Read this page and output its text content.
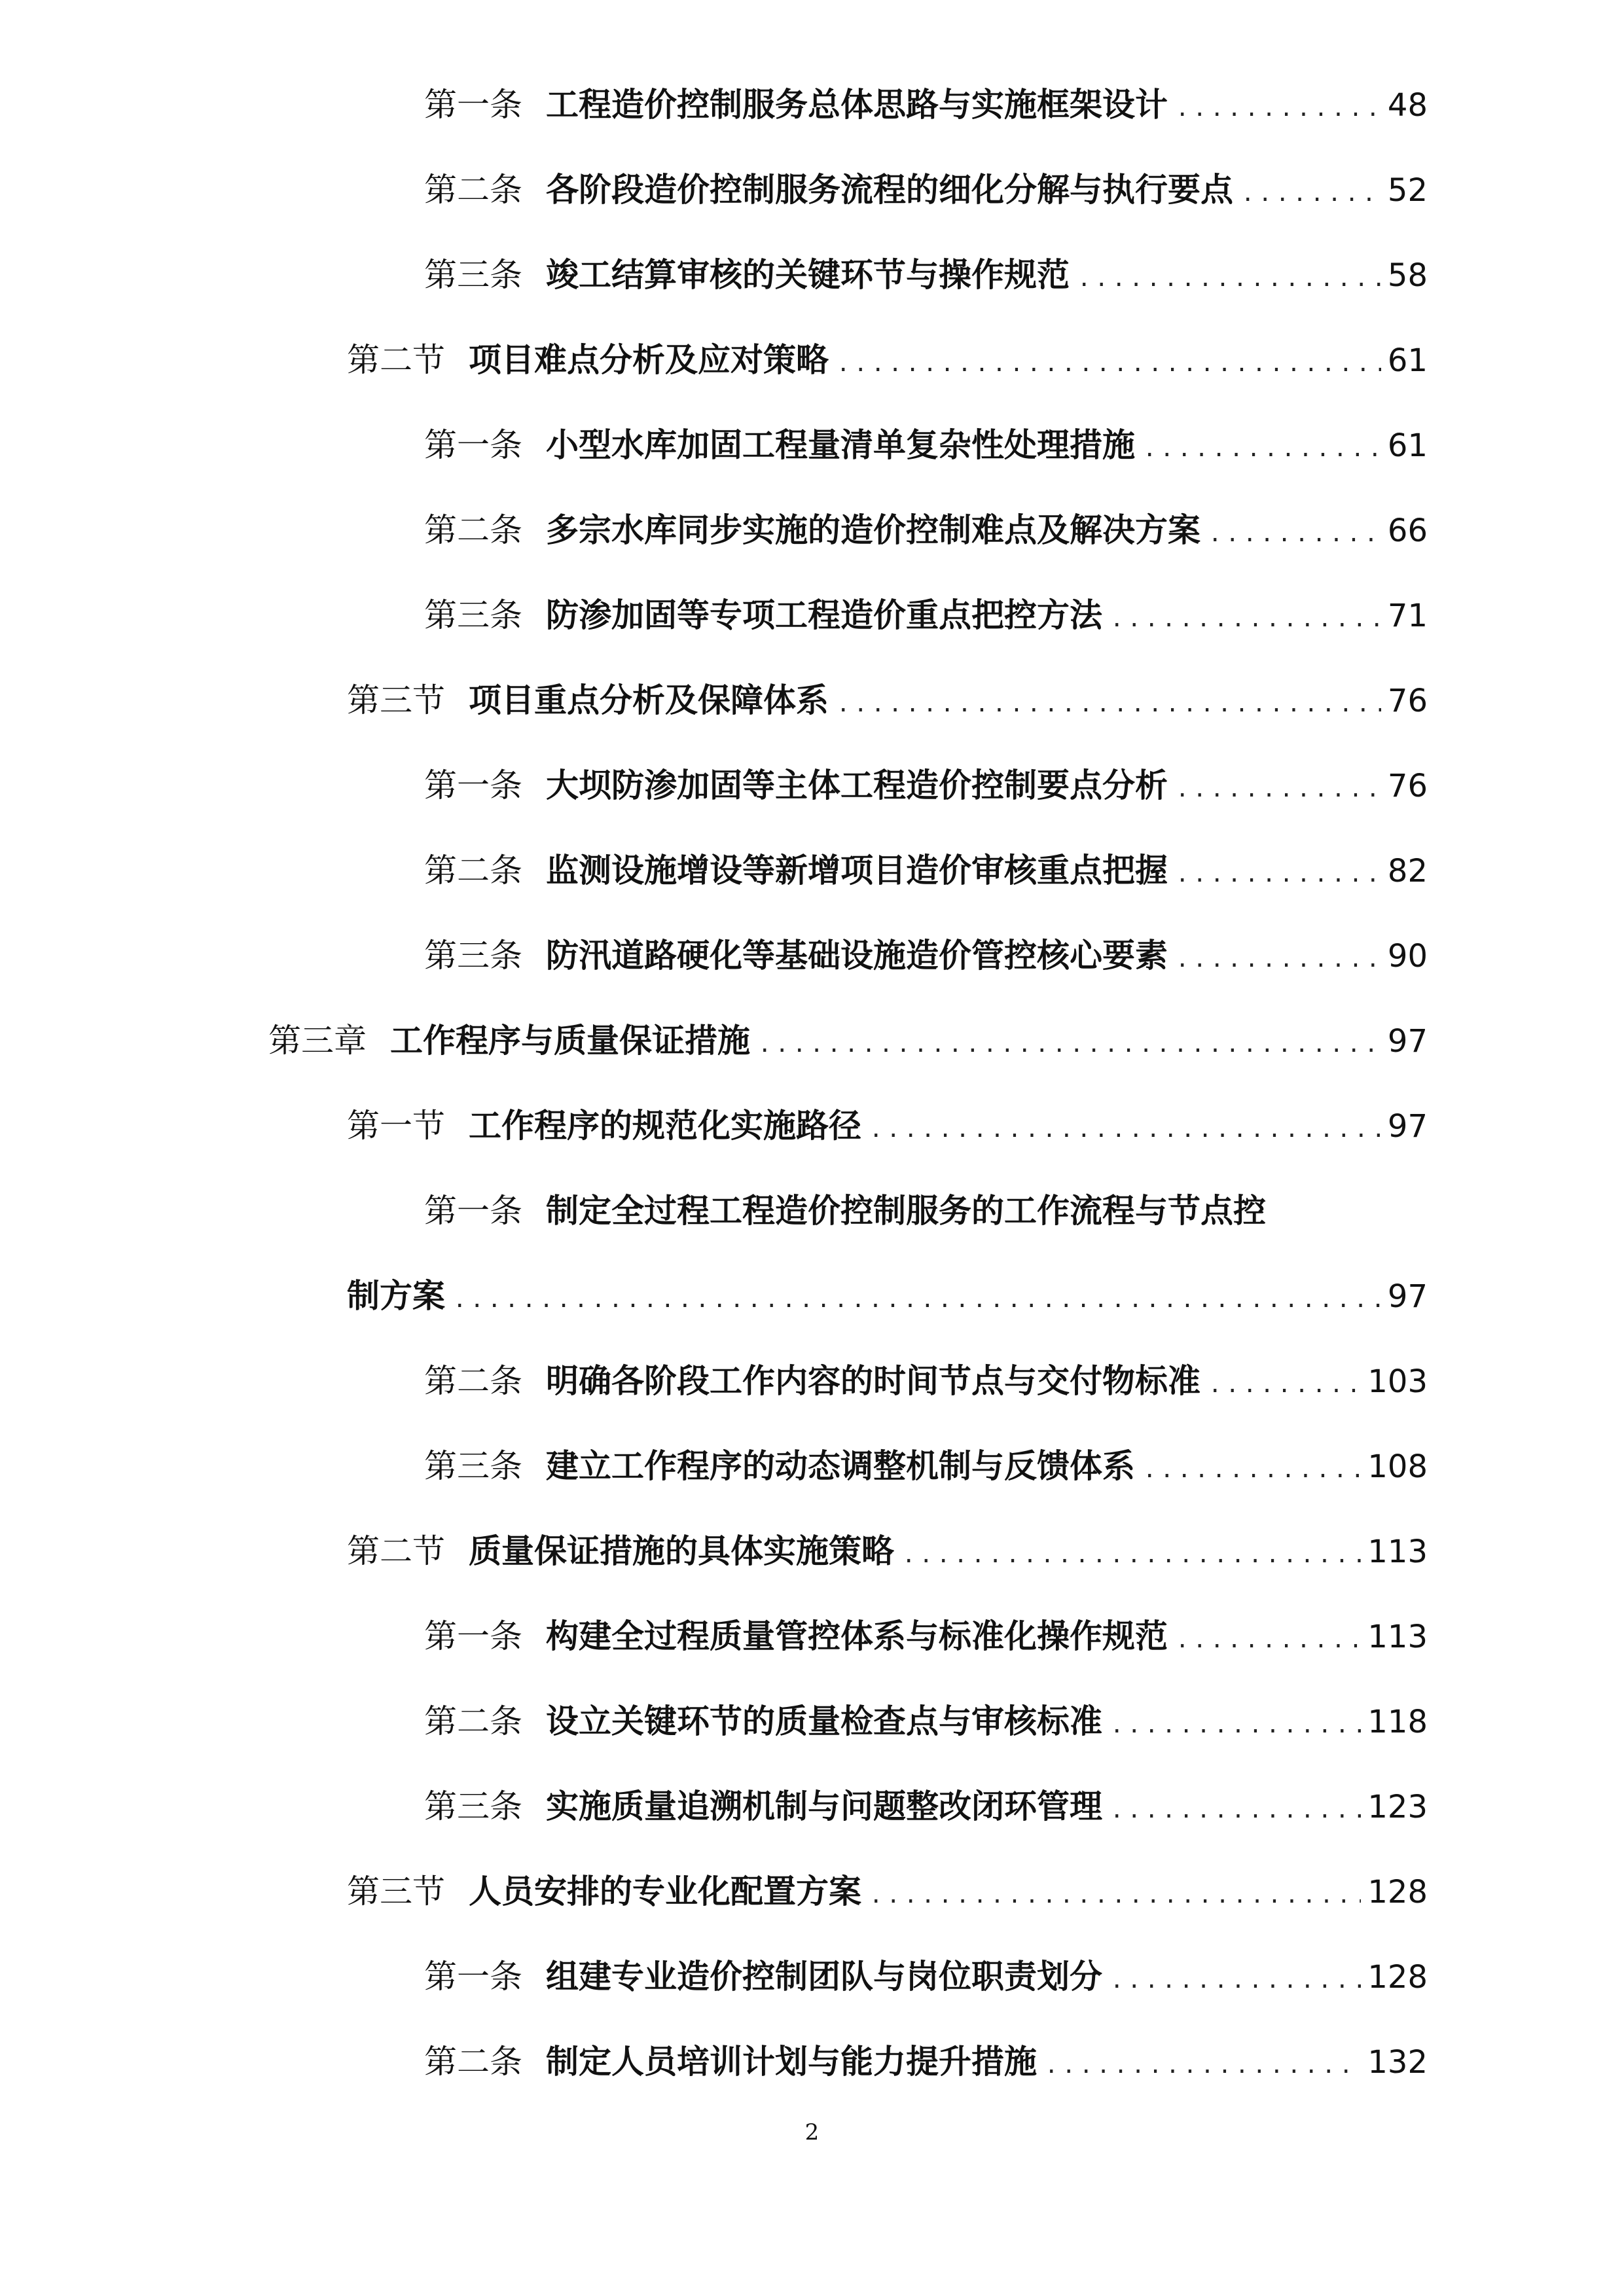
第一条 工程造价控制服务总体思路与实施框架设计 .....	48
第二条 各阶段造价控制服务流程的细化分解与执行要点 .....	52
第三条 竣工结算审核的关键环节与操作规范 .....	58
第二节 项目难点分析及应对策略 .....	61
第一条 小型水库加固工程量清单复杂性处理措施 .....	61
第二条 多宗水库同步实施的造价控制难点及解决方案 .....	66
第三条 防渗加固等专项工程造价重点把控方法 .....	71
第三节 项目重点分析及保障体系 .....	76
第一条 大坝防渗加固等主体工程造价控制要点分析 .....	76
第二条 监测设施增设等新增项目造价审核重点把握 .....	82
第三条 防汛道路硬化等基础设施造价管控核心要素 .....	90
第三章 工作程序与质量保证措施 .....	97
第一节 工作程序的规范化实施路径 .....	97
第一条 制定全过程工程造价控制服务的工作流程与节点控
制方案 .....	97
第二条 明确各阶段工作内容的时间节点与交付物标准 .....	103
第三条 建立工作程序的动态调整机制与反馈体系 .....	108
第二节 质量保证措施的具体实施策略 .....	113
第一条 构建全过程质量管控体系与标准化操作规范 .....	113
第二条 设立关键环节的质量检查点与审核标准 .....	118
第三条 实施质量追溯机制与问题整改闭环管理 .....	123
第三节 人员安排的专业化配置方案 .....	128
第一条 组建专业造价控制团队与岗位职责划分 .....	128
第二条 制定人员培训计划与能力提升措施 .....	132
2
